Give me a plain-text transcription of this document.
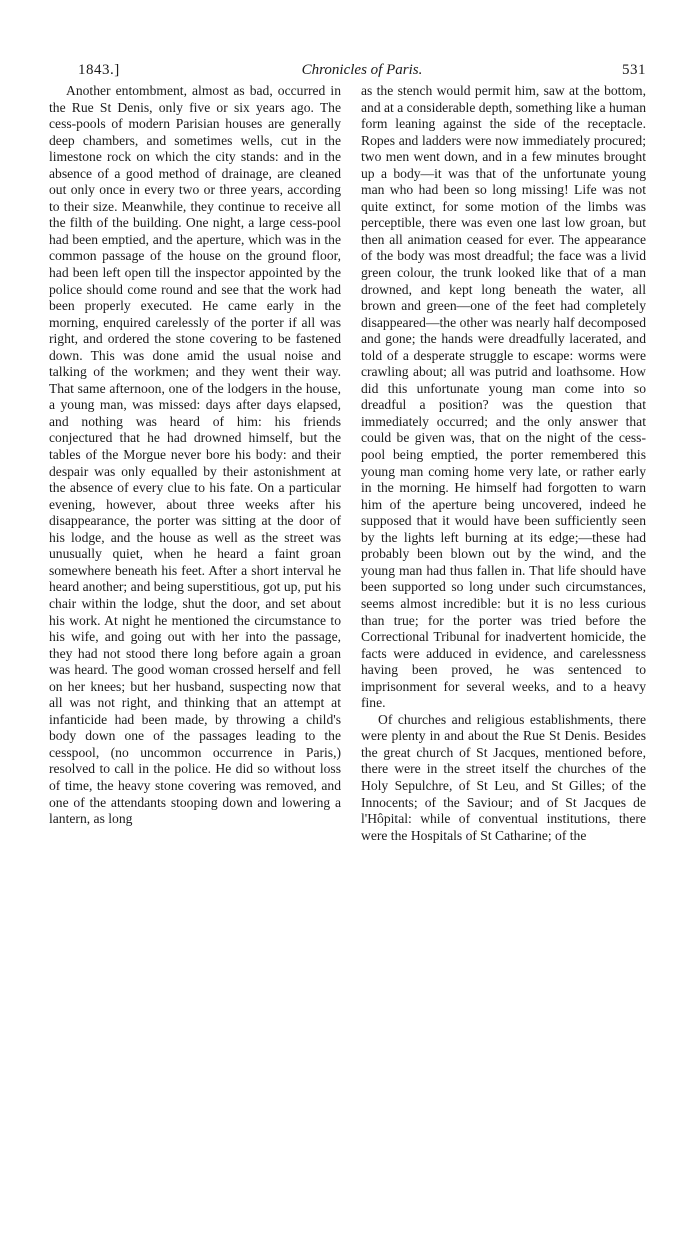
1843.]	Chronicles of Paris.	531

Another entombment, almost as bad, occurred in the Rue St Denis, only five or six years ago. The cess-pools of modern Parisian houses are generally deep chambers, and sometimes wells, cut in the limestone rock on which the city stands: and in the absence of a good method of drainage, are cleaned out only once in every two or three years, according to their size. Meanwhile, they continue to receive all the filth of the building. One night, a large cess-pool had been emptied, and the aperture, which was in the common passage of the house on the ground floor, had been left open till the inspector appointed by the police should come round and see that the work had been properly executed. He came early in the morning, enquired carelessly of the porter if all was right, and ordered the stone covering to be fastened down. This was done amid the usual noise and talking of the workmen; and they went their way. That same afternoon, one of the lodgers in the house, a young man, was missed: days after days elapsed, and nothing was heard of him: his friends conjectured that he had drowned himself, but the tables of the Morgue never bore his body: and their despair was only equalled by their astonishment at the absence of every clue to his fate. On a particular evening, however, about three weeks after his disappearance, the porter was sitting at the door of his lodge, and the house as well as the street was unusually quiet, when he heard a faint groan somewhere beneath his feet. After a short interval he heard another; and being superstitious, got up, put his chair within the lodge, shut the door, and set about his work. At night he mentioned the circumstance to his wife, and going out with her into the passage, they had not stood there long before again a groan was heard. The good woman crossed herself and fell on her knees; but her husband, suspecting now that all was not right, and thinking that an attempt at infanticide had been made, by throwing a child's body down one of the passages leading to the cesspool, (no uncommon occurrence in Paris,) resolved to call in the police. He did so without loss of time, the heavy stone covering was removed, and one of the attendants stooping down and lowering a lantern, as long

as the stench would permit him, saw at the bottom, and at a considerable depth, something like a human form leaning against the side of the receptacle. Ropes and ladders were now immediately procured; two men went down, and in a few minutes brought up a body—it was that of the unfortunate young man who had been so long missing! Life was not quite extinct, for some motion of the limbs was perceptible, there was even one last low groan, but then all animation ceased for ever. The appearance of the body was most dreadful; the face was a livid green colour, the trunk looked like that of a man drowned, and kept long beneath the water, all brown and green—one of the feet had completely disappeared—the other was nearly half decomposed and gone; the hands were dreadfully lacerated, and told of a desperate struggle to escape: worms were crawling about; all was putrid and loathsome. How did this unfortunate young man come into so dreadful a position? was the question that immediately occurred; and the only answer that could be given was, that on the night of the cess-pool being emptied, the porter remembered this young man coming home very late, or rather early in the morning. He himself had forgotten to warn him of the aperture being uncovered, indeed he supposed that it would have been sufficiently seen by the lights left burning at its edge;—these had probably been blown out by the wind, and the young man had thus fallen in. That life should have been supported so long under such circumstances, seems almost incredible: but it is no less curious than true; for the porter was tried before the Correctional Tribunal for inadvertent homicide, the facts were adduced in evidence, and carelessness having been proved, he was sentenced to imprisonment for several weeks, and to a heavy fine.

Of churches and religious establishments, there were plenty in and about the Rue St Denis. Besides the great church of St Jacques, mentioned before, there were in the street itself the churches of the Holy Sepulchre, of St Leu, and St Gilles; of the Innocents; of the Saviour; and of St Jacques de l'Hôpital: while of conventual institutions, there were the Hospitals of St Catharine; of the
